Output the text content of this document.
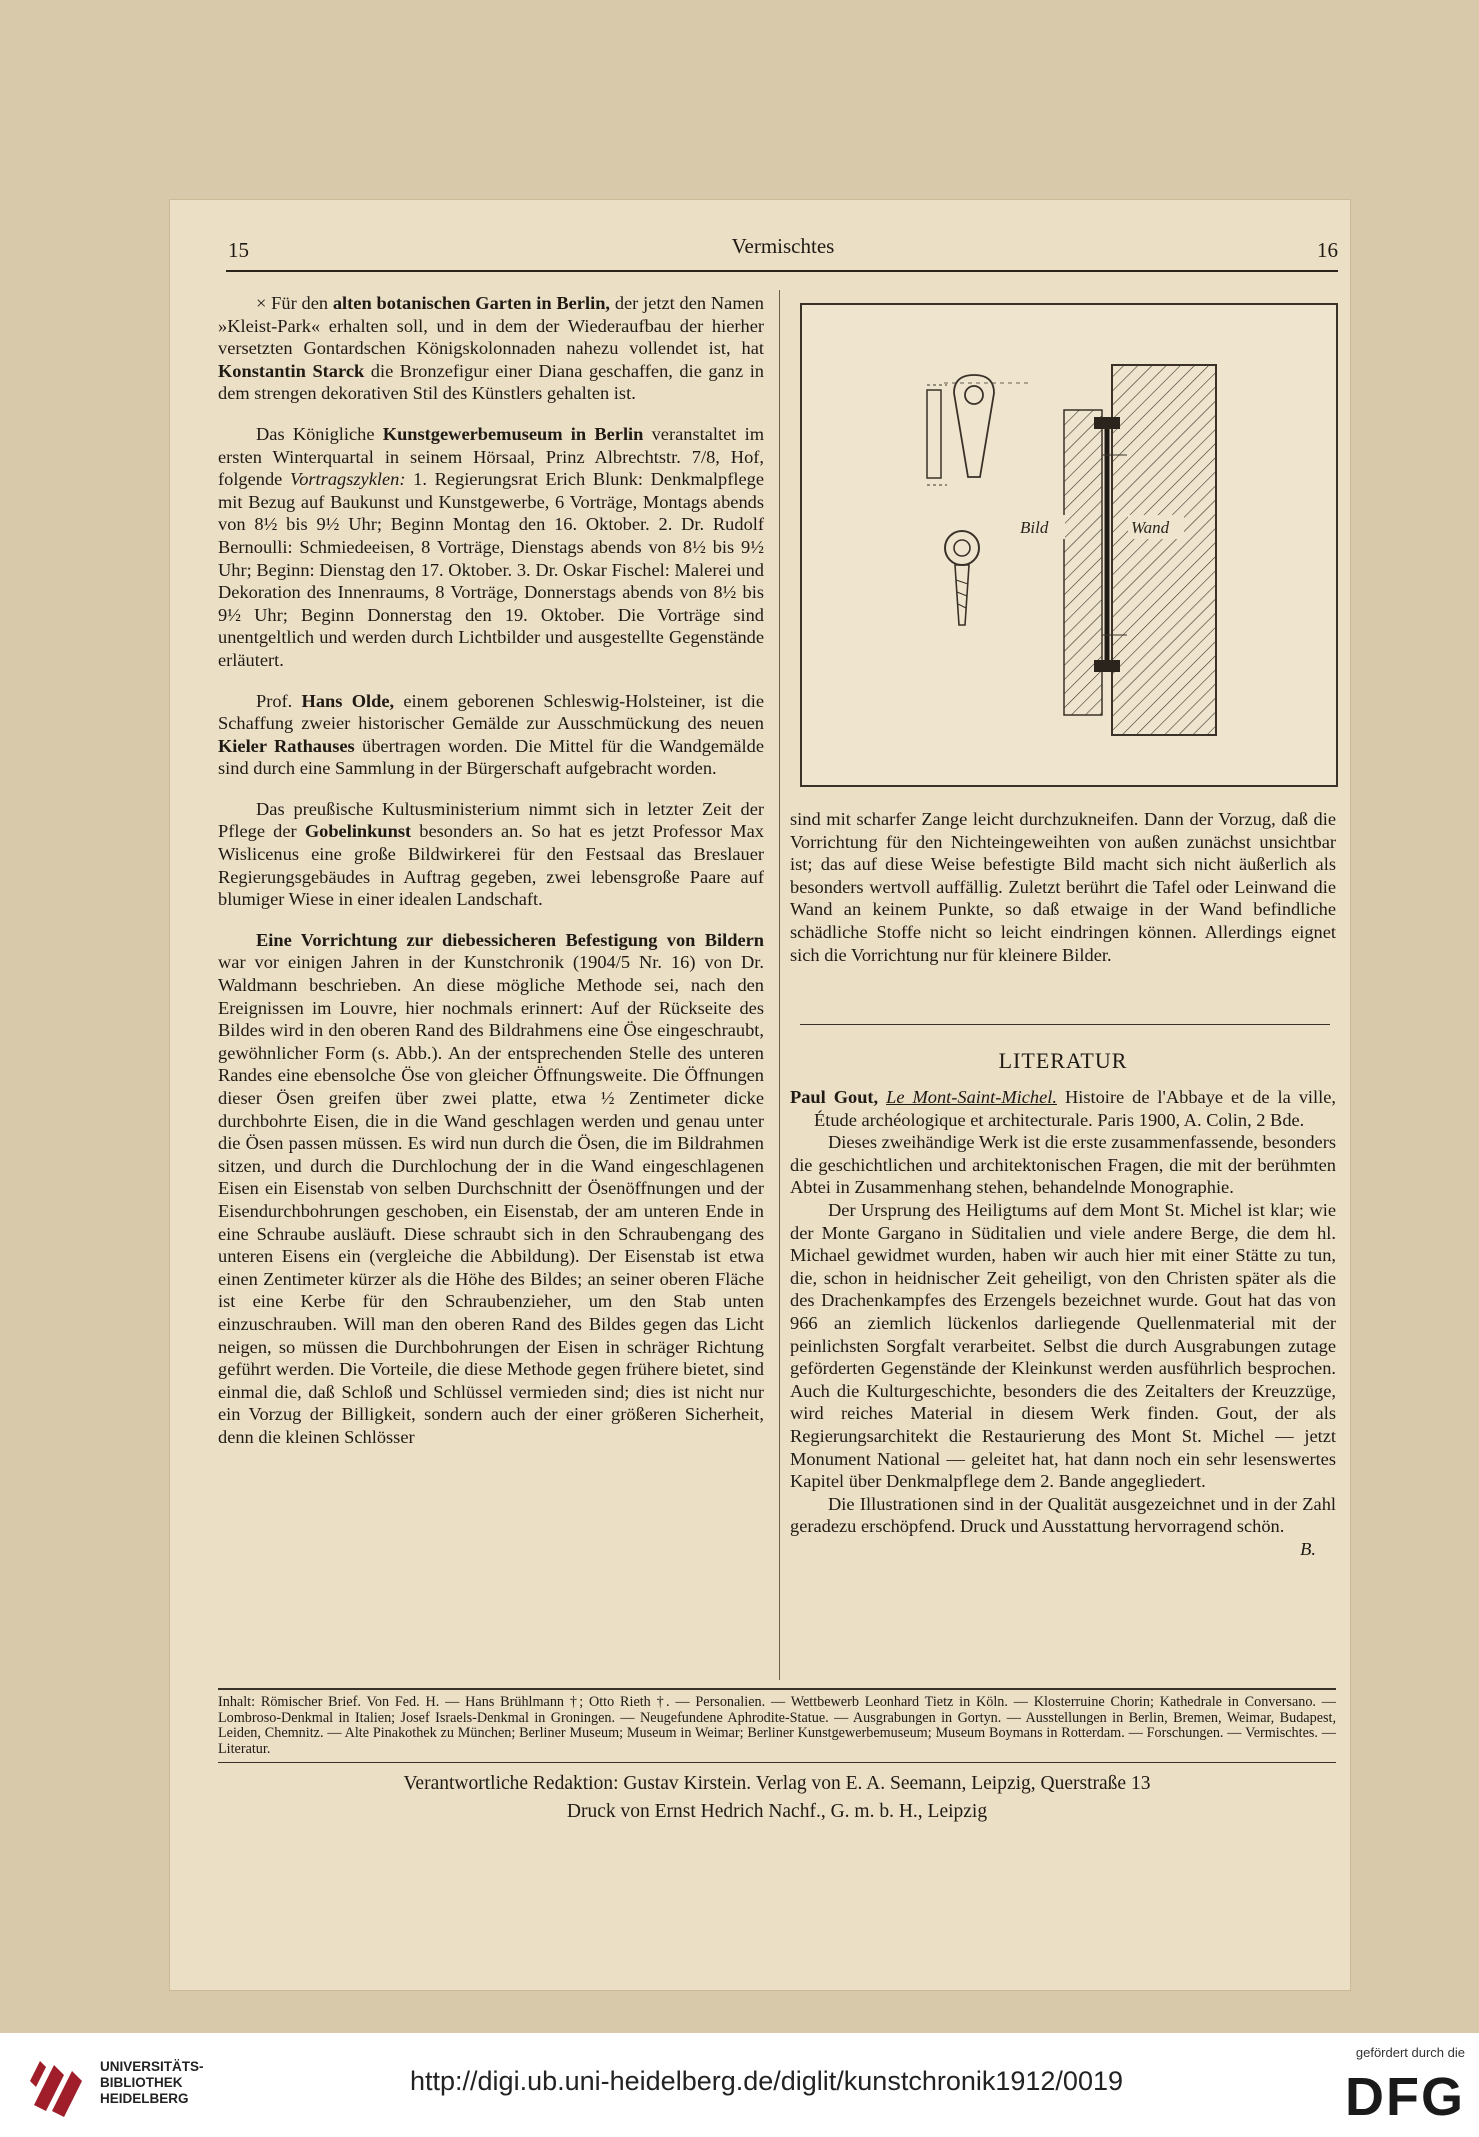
15	Vermischtes	16

× Für den alten botanischen Garten in Berlin, der jetzt den Namen »Kleist-Park« erhalten soll, und in dem der Wiederaufbau der hierher versetzten Gontardschen Königskolonnaden nahezu vollendet ist, hat Konstantin Starck die Bronzefigur einer Diana geschaffen, die ganz in dem strengen dekorativen Stil des Künstlers gehalten ist.

Das Königliche Kunstgewerbemuseum in Berlin veranstaltet im ersten Winterquartal in seinem Hörsaal, Prinz Albrechtstr. 7/8, Hof, folgende Vortragszyklen: 1. Regierungsrat Erich Blunk: Denkmalpflege mit Bezug auf Baukunst und Kunstgewerbe, 6 Vorträge, Montags abends von 8½ bis 9½ Uhr; Beginn Montag den 16. Oktober. 2. Dr. Rudolf Bernoulli: Schmiedeeisen, 8 Vorträge, Dienstags abends von 8½ bis 9½ Uhr; Beginn: Dienstag den 17. Oktober. 3. Dr. Oskar Fischel: Malerei und Dekoration des Innenraums, 8 Vorträge, Donnerstags abends von 8½ bis 9½ Uhr; Beginn Donnerstag den 19. Oktober. Die Vorträge sind unentgeltlich und werden durch Lichtbilder und ausgestellte Gegenstände erläutert.

Prof. Hans Olde, einem geborenen Schleswig-Holsteiner, ist die Schaffung zweier historischer Gemälde zur Ausschmückung des neuen Kieler Rathauses übertragen worden. Die Mittel für die Wandgemälde sind durch eine Sammlung in der Bürgerschaft aufgebracht worden.

Das preußische Kultusministerium nimmt sich in letzter Zeit der Pflege der Gobelinkunst besonders an. So hat es jetzt Professor Max Wislicenus eine große Bildwirkerei für den Festsaal das Breslauer Regierungsgebäudes in Auftrag gegeben, zwei lebensgroße Paare auf blumiger Wiese in einer idealen Landschaft.

Eine Vorrichtung zur diebessicheren Befestigung von Bildern war vor einigen Jahren in der Kunstchronik (1904/5 Nr. 16) von Dr. Waldmann beschrieben. An diese mögliche Methode sei, nach den Ereignissen im Louvre, hier nochmals erinnert: Auf der Rückseite des Bildes wird in den oberen Rand des Bildrahmens eine Öse eingeschraubt, gewöhnlicher Form (s. Abb.). An der entsprechenden Stelle des unteren Randes eine ebensolche Öse von gleicher Öffnungsweite. Die Öffnungen dieser Ösen greifen über zwei platte, etwa ½ Zentimeter dicke durchbohrte Eisen, die in die Wand geschlagen werden und genau unter die Ösen passen müssen. Es wird nun durch die Ösen, die im Bildrahmen sitzen, und durch die Durchlochung der in die Wand eingeschlagenen Eisen ein Eisenstab von selben Durchschnitt der Ösenöffnungen und der Eisendurchbohrungen geschoben, ein Eisenstab, der am unteren Ende in eine Schraube ausläuft. Diese schraubt sich in den Schraubengang des unteren Eisens ein (vergleiche die Abbildung). Der Eisenstab ist etwa einen Zentimeter kürzer als die Höhe des Bildes; an seiner oberen Fläche ist eine Kerbe für den Schraubenzieher, um den Stab unten einzuschrauben. Will man den oberen Rand des Bildes gegen das Licht neigen, so müssen die Durchbohrungen der Eisen in schräger Richtung geführt werden. Die Vorteile, die diese Methode gegen frühere bietet, sind einmal die, daß Schloß und Schlüssel vermieden sind; dies ist nicht nur ein Vorzug der Billigkeit, sondern auch der einer größeren Sicherheit, denn die kleinen Schlösser

Bild	Wand

sind mit scharfer Zange leicht durchzukneifen. Dann der Vorzug, daß die Vorrichtung für den Nichteingeweihten von außen zunächst unsichtbar ist; das auf diese Weise befestigte Bild macht sich nicht äußerlich als besonders wertvoll auffällig. Zuletzt berührt die Tafel oder Leinwand die Wand an keinem Punkte, so daß etwaige in der Wand befindliche schädliche Stoffe nicht so leicht eindringen können. Allerdings eignet sich die Vorrichtung nur für kleinere Bilder.

LITERATUR

Paul Gout, Le Mont-Saint-Michel. Histoire de l'Abbaye et de la ville, Étude archéologique et architecturale. Paris 1900, A. Colin, 2 Bde.

Dieses zweihändige Werk ist die erste zusammenfassende, besonders die geschichtlichen und architektonischen Fragen, die mit der berühmten Abtei in Zusammenhang stehen, behandelnde Monographie.

Der Ursprung des Heiligtums auf dem Mont St. Michel ist klar; wie der Monte Gargano in Süditalien und viele andere Berge, die dem hl. Michael gewidmet wurden, haben wir auch hier mit einer Stätte zu tun, die, schon in heidnischer Zeit geheiligt, von den Christen später als die des Drachenkampfes des Erzengels bezeichnet wurde. Gout hat das von 966 an ziemlich lückenlos darliegende Quellenmaterial mit der peinlichsten Sorgfalt verarbeitet. Selbst die durch Ausgrabungen zutage geförderten Gegenstände der Kleinkunst werden ausführlich besprochen. Auch die Kulturgeschichte, besonders die des Zeitalters der Kreuzzüge, wird reiches Material in diesem Werk finden. Gout, der als Regierungsarchitekt die Restaurierung des Mont St. Michel — jetzt Monument National — geleitet hat, hat dann noch ein sehr lesenswertes Kapitel über Denkmalpflege dem 2. Bande angegliedert.

Die Illustrationen sind in der Qualität ausgezeichnet und in der Zahl geradezu erschöpfend. Druck und Ausstattung hervorragend schön.
B.

Inhalt: Römischer Brief. Von Fed. H. — Hans Brühlmann †; Otto Rieth †. — Personalien. — Wettbewerb Leonhard Tietz in Köln. — Klosterruine Chorin; Kathedrale in Conversano. — Lombroso-Denkmal in Italien; Josef Israels-Denkmal in Groningen. — Neugefundene Aphrodite-Statue. — Ausgrabungen in Gortyn. — Ausstellungen in Berlin, Bremen, Weimar, Budapest, Leiden, Chemnitz. — Alte Pinakothek zu München; Berliner Museum; Museum in Weimar; Berliner Kunstgewerbemuseum; Museum Boymans in Rotterdam. — Forschungen. — Vermischtes. — Literatur.
Verantwortliche Redaktion: Gustav Kirstein. Verlag von E. A. Seemann, Leipzig, Querstraße 13
Druck von Ernst Hedrich Nachf., G. m. b. H., Leipzig
UNIVERSITÄTS-
BIBLIOTHEK
HEIDELBERG
http://digi.ub.uni-heidelberg.de/diglit/kunstchronik1912/0019
gefördert durch die
DFG
